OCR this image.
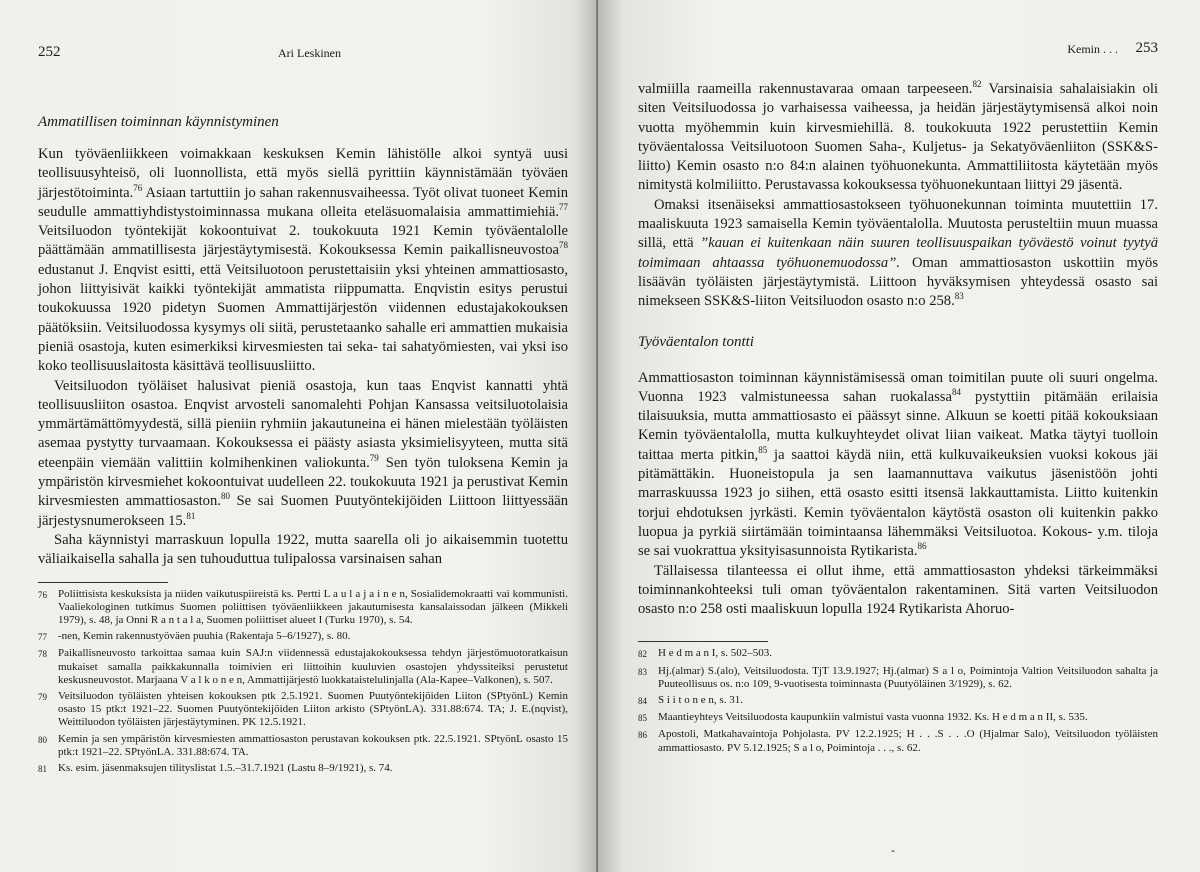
252	Ari Leskinen
Ammatillisen toiminnan käynnistyminen

Kun työväenliikkeen voimakkaan keskuksen Kemin lähistölle alkoi syntyä uusi teollisuusyhteisö, oli luonnollista, että myös siellä pyrittiin käynnistämään työväen järjestötoiminta.$^{76}$ Asiaan tartuttiin jo sahan rakennusvaiheessa. Työt olivat tuoneet Kemin seudulle ammattiyhdistystoiminnassa mukana olleita eteläsuomalaisia ammattimiehiä.$^{77}$ Veitsiluodon työntekijät kokoontuivat 2. toukokuuta 1921 Kemin työväentalolle päättämään ammatillisesta järjestäytymisestä. Kokouksessa Kemin paikallisneuvostoa$^{78}$ edustanut J. Enqvist esitti, että Veitsiluotoon perustettaisiin yksi yhteinen ammattiosasto, johon liittyisivät kaikki työntekijät ammatista riippumatta. Enqvistin esitys perustui toukokuussa 1920 pidetyn Suomen Ammattijärjestön viidennen edustajakokouksen päätöksiin. Veitsiluodossa kysymys oli siitä, perustetaanko sahalle eri ammattien mukaisia pieniä osastoja, kuten esimerkiksi kirvesmiesten tai seka- tai sahatyömiesten, vai yksi iso koko teollisuuslaitosta käsittävä teollisuusliitto.

Veitsiluodon työläiset halusivat pieniä osastoja, kun taas Enqvist kannatti yhtä teollisuusliiton osastoa. Enqvist arvosteli sanomalehti Pohjan Kansassa veitsiluotolaisia ymmärtämättömyydestä, sillä pieniin ryhmiin jakautuneina ei hänen mielestään työläisten asemaa pystytty turvaamaan. Kokouksessa ei päästy asiasta yksimielisyyteen, mutta sitä eteenpäin viemään valittiin kolmihenkinen valiokunta.$^{79}$ Sen työn tuloksena Kemin ja ympäristön kirvesmiehet kokoontuivat uudelleen 22. toukokuuta 1921 ja perustivat Kemin kirvesmiesten ammattiosaston.$^{80}$ Se sai Suomen Puutyöntekijöiden Liittoon liittyessään järjestysnumerokseen 15.81

Saha käynnistyi marraskuun lopulla 1922, mutta saarella oli jo aikaisemmin tuotettu väliaikaisella sahalla ja sen tuhouduttua tulipalossa varsinaisen sahan

76	Poliittisista keskuksista ja niiden vaikutuspiireistä ks. Pertti L a u l a j a i n e n, Sosialidemokraatti vai kommunisti. Vaaliekologinen tutkimus Suomen poliittisen työväenliikkeen jakautumisesta kansalaissodan jälkeen (Mikkeli 1979), s. 48, ja Onni R a n t a l a, Suomen poliittiset alueet I (Turku 1970), s. 54.
77	-nen, Kemin rakennustyöväen puuhia (Rakentaja 5–6/1927), s. 80.
78	Paikallisneuvosto tarkoittaa samaa kuin SAJ:n viidennessä edustajakokouksessa tehdyn järjestömuotoratkaisun mukaiset samalla paikkakunnalla toimivien eri liittoihin kuuluvien osastojen yhdyssiteiksi perustetut keskusneuvostot. Marjaana V a l k o n e n, Ammattijärjestö luokkataistelulinjalla (Ala-Kapee–Valkonen), s. 507.
79	Veitsiluodon työläisten yhteisen kokouksen ptk 2.5.1921. Suomen Puutyöntekijöiden Liiton (SPtyönL) Kemin osasto 15 ptk:t 1921–22. Suomen Puutyöntekijöiden Liiton arkisto (SPtyönLA). 331.88:674. TA; J. E.(nqvist), Weittiluodon työläisten järjestäytyminen. PK 12.5.1921.
80	Kemin ja sen ympäristön kirvesmiesten ammattiosaston perustavan kokouksen ptk. 22.5.1921. SPtyönL osasto 15 ptk:t 1921–22. SPtyönLA. 331.88:674. TA.
81	Ks. esim. jäsenmaksujen tilityslistat 1.5.–31.7.1921 (Lastu 8–9/1921), s. 74.
Kemin . . . 253

valmiilla raameilla rakennustavaraa omaan tarpeeseen.$^{82}$ Varsinaisia sahalaisiakin oli siten Veitsiluodossa jo varhaisessa vaiheessa, ja heidän järjestäytymisensä alkoi noin vuotta myöhemmin kuin kirvesmiehillä. 8. toukokuuta 1922 perustettiin Kemin työväentalossa Veitsiluotoon Suomen Saha-, Kuljetus- ja Sekatyöväenliiton (SSK&S-liitto) Kemin osasto n:o 84:n alainen työhuonekunta. Ammattiliitosta käytetään myös nimitystä kolmiliitto. Perustavassa kokouksessa työhuonekuntaan liittyi 29 jäsentä.

Omaksi itsenäiseksi ammattiosastokseen työhuonekunnan toiminta muutettiin 17. maaliskuuta 1923 samaisella Kemin työväentalolla. Muutosta perusteltiin muun muassa sillä, että ”kauan ei kuitenkaan näin suuren teollisuuspaikan työväestö voinut tyytyä toimimaan ahtaassa työhuonemuodossa”. Oman ammattiosaston uskottiin myös lisäävän työläisten järjestäytymistä. Liittoon hyväksymisen yhteydessä osasto sai nimekseen SSK&S-liiton Veitsiluodon osasto n:o 258.83

Työväentalon tontti

Ammattiosaston toiminnan käynnistämisessä oman toimitilan puute oli suuri ongelma. Vuonna 1923 valmistuneessa sahan ruokalassa$^{84}$ pystyttiin pitämään erilaisia tilaisuuksia, mutta ammattiosasto ei päässyt sinne. Alkuun se koetti pitää kokouksiaan Kemin työväentalolla, mutta kulkuyhteydet olivat liian vaikeat. Matka täytyi tuolloin taittaa merta pitkin,$^{85}$ ja saattoi käydä niin, että kulkuvaikeuksien vuoksi kokous jäi pitämättäkin. Huoneistopula ja sen laamannuttava vaikutus jäsenistöön johti marraskuussa 1923 jo siihen, että osasto esitti itsensä lakkauttamista. Liitto kuitenkin torjui ehdotuksen jyrkästi. Kemin työväentalon käytöstä osaston oli kuitenkin pakko luopua ja pyrkiä siirtämään toimintaansa lähemmäksi Veitsiluotoa. Kokous- y.m. tiloja se sai vuokrattua yksityisasunnoista Rytikarista.$^{86}$

Tällaisessa tilanteessa ei ollut ihme, että ammattiosaston yhdeksi tärkeimmäksi toiminnankohteeksi tuli oman työväentalon rakentaminen. Sitä varten Veitsiluodon osasto n:o 258 osti maaliskuun lopulla 1924 Rytikarista Ahoruo-

82	H e d m a n I, s. 502–503.
83	Hj.(almar) S.(alo), Veitsiluodosta. TjT 13.9.1927; Hj.(almar) S a l o, Poimintoja Valtion Veitsiluodon sahalta ja Puuteollisuus os. n:o 109, 9-vuotisesta toiminnasta (Puutyöläinen 3/1929), s. 62.
84	S i i t o n e n, s. 31.
85	Maantieyhteys Veitsiluodosta kaupunkiin valmistui vasta vuonna 1932. Ks. H e d m a n II, s. 535.
86	Apostoli, Matkahavaintoja Pohjolasta. PV 12.2.1925; H . . .S . . .O (Hjalmar Salo), Veitsiluodon työläisten ammattiosasto. PV 5.12.1925; S a l o, Poimintoja . . ., s. 62.
-
